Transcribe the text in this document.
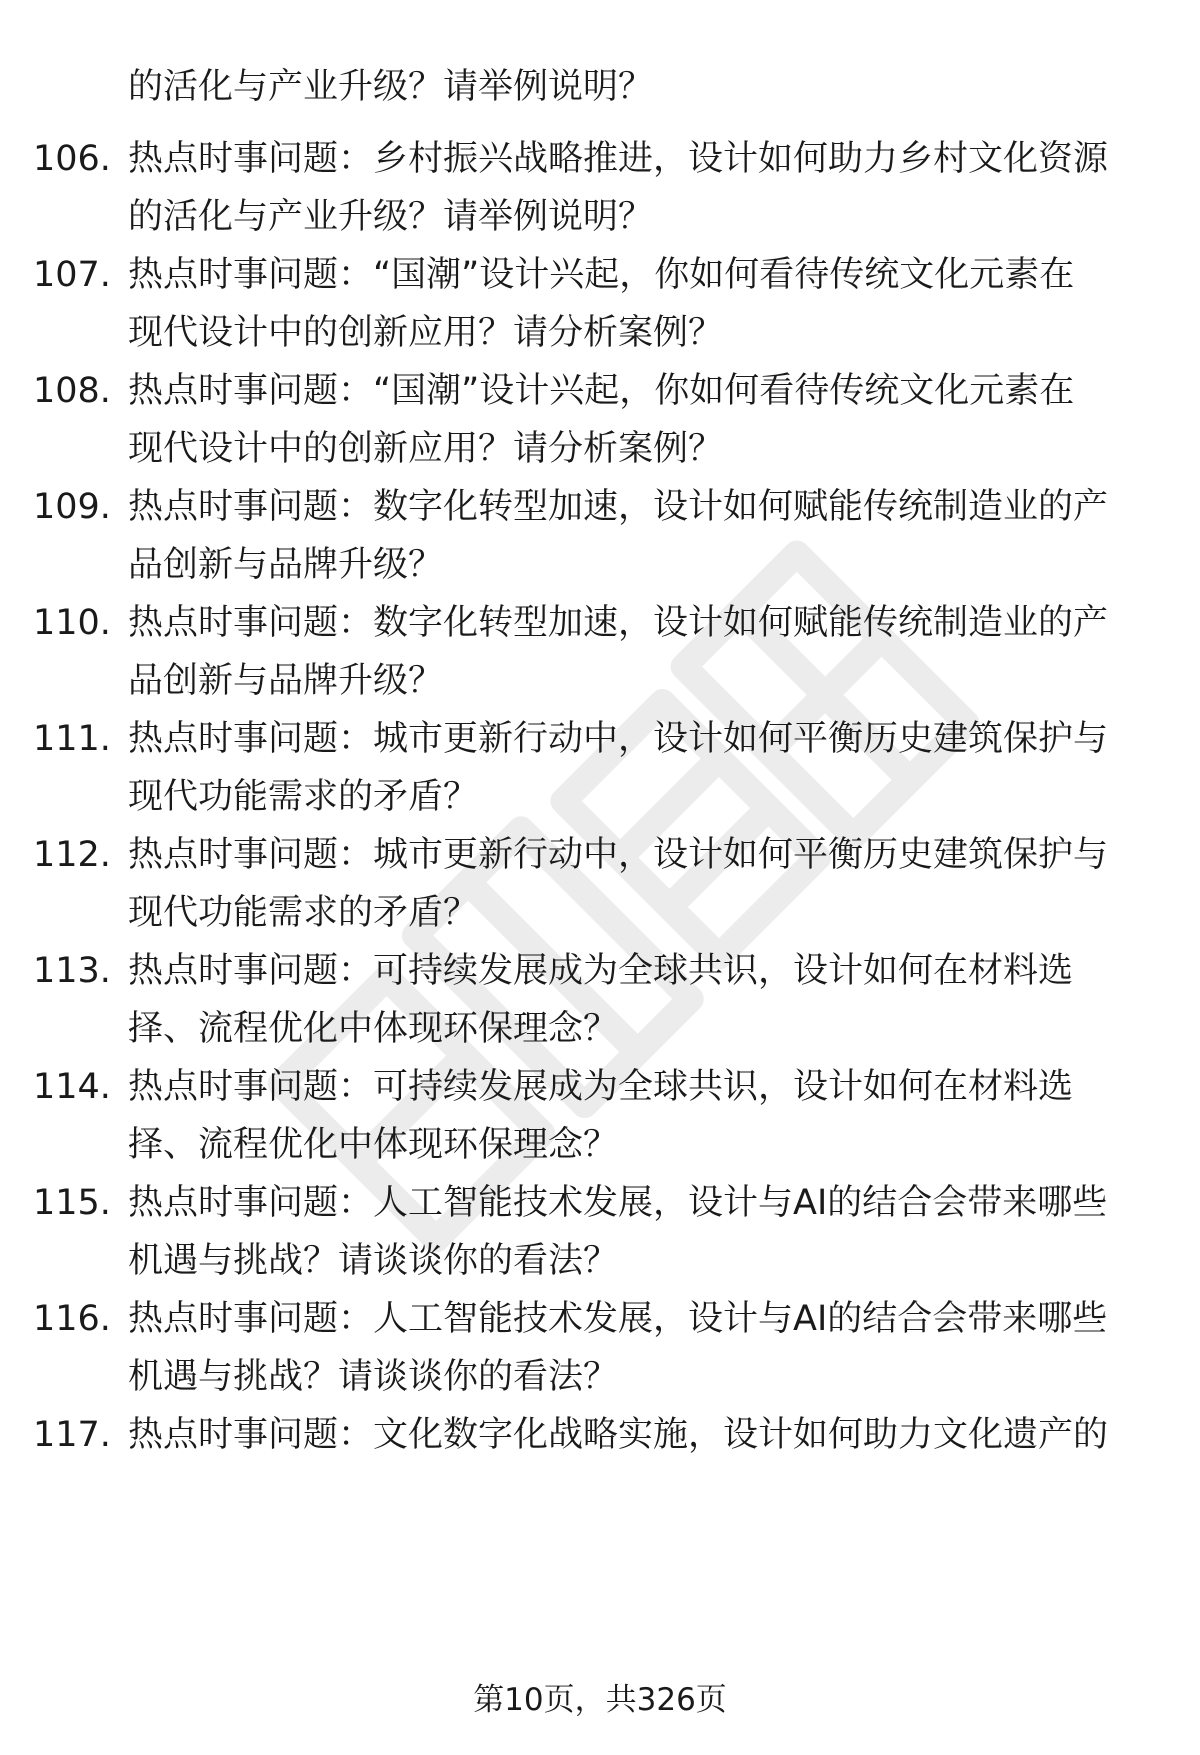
的活化与产业升级？请举例说明？
106. 热点时事问题：乡村振兴战略推进，设计如何助力乡村文化资源
的活化与产业升级？请举例说明？
107. 热点时事问题：“国潮”设计兴起，你如何看待传统文化元素在
现代设计中的创新应用？请分析案例？
108. 热点时事问题：“国潮”设计兴起，你如何看待传统文化元素在
现代设计中的创新应用？请分析案例？
109. 热点时事问题：数字化转型加速，设计如何赋能传统制造业的产
品创新与品牌升级？
110. 热点时事问题：数字化转型加速，设计如何赋能传统制造业的产
品创新与品牌升级？
111. 热点时事问题：城市更新行动中，设计如何平衡历史建筑保护与
现代功能需求的矛盾？
112. 热点时事问题：城市更新行动中，设计如何平衡历史建筑保护与
现代功能需求的矛盾？
113. 热点时事问题：可持续发展成为全球共识，设计如何在材料选
择、流程优化中体现环保理念？
114. 热点时事问题：可持续发展成为全球共识，设计如何在材料选
择、流程优化中体现环保理念？
115. 热点时事问题：人工智能技术发展，设计与AI的结合会带来哪些
机遇与挑战？请谈谈你的看法？
116. 热点时事问题：人工智能技术发展，设计与AI的结合会带来哪些
机遇与挑战？请谈谈你的看法？
117. 热点时事问题：文化数字化战略实施，设计如何助力文化遗产的
第10页，共326页
